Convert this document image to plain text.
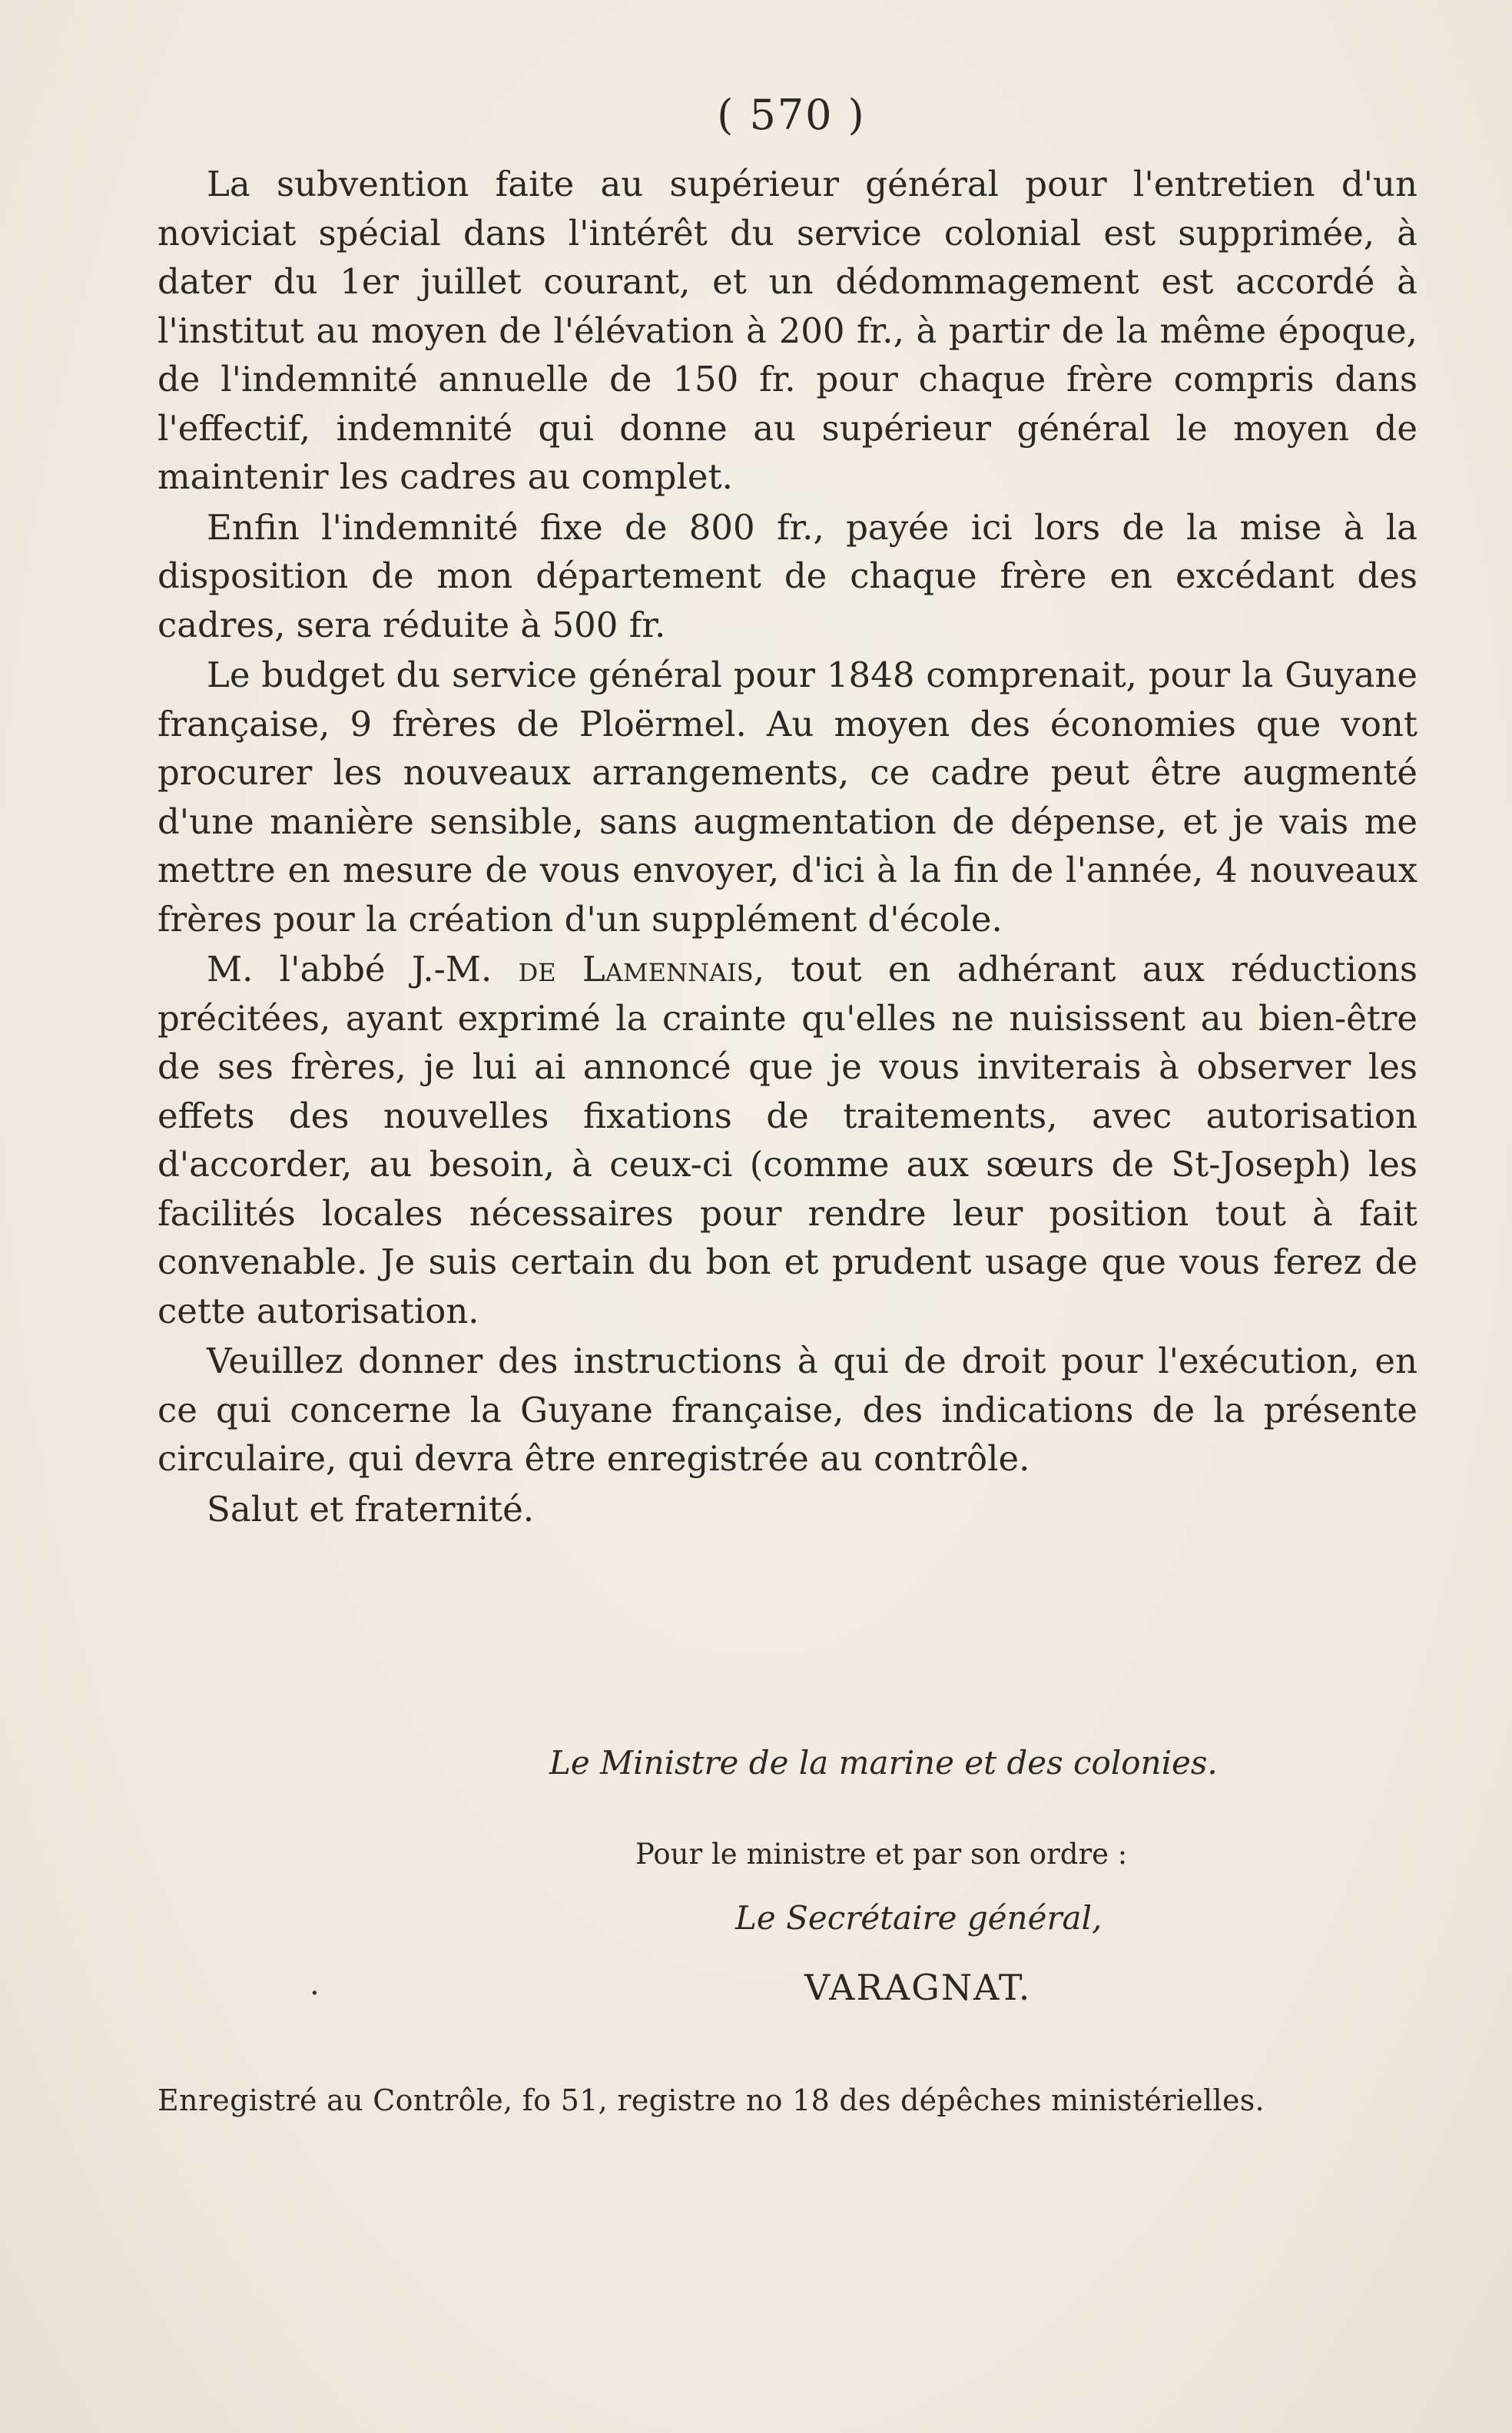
( 570 )

La subvention faite au supérieur général pour l'entretien d'un noviciat spécial dans l'intérêt du service colonial est supprimée, à dater du 1er juillet courant, et un dédommagement est accordé à l'institut au moyen de l'élévation à 200 fr., à partir de la même époque, de l'indemnité annuelle de 150 fr. pour chaque frère compris dans l'effectif, indemnité qui donne au supérieur général le moyen de maintenir les cadres au complet.

Enfin l'indemnité fixe de 800 fr., payée ici lors de la mise à la disposition de mon département de chaque frère en excédant des cadres, sera réduite à 500 fr.

Le budget du service général pour 1848 comprenait, pour la Guyane française, 9 frères de Ploërmel. Au moyen des économies que vont procurer les nouveaux arrangements, ce cadre peut être augmenté d'une manière sensible, sans augmentation de dépense, et je vais me mettre en mesure de vous envoyer, d'ici à la fin de l'année, 4 nouveaux frères pour la création d'un supplément d'école.

M. l'abbé J.-M. de Lamennais, tout en adhérant aux réductions précitées, ayant exprimé la crainte qu'elles ne nuisissent au bien-être de ses frères, je lui ai annoncé que je vous inviterais à observer les effets des nouvelles fixations de traitements, avec autorisation d'accorder, au besoin, à ceux-ci (comme aux sœurs de St-Joseph) les facilités locales nécessaires pour rendre leur position tout à fait convenable. Je suis certain du bon et prudent usage que vous ferez de cette autorisation.

Veuillez donner des instructions à qui de droit pour l'exécution, en ce qui concerne la Guyane française, des indications de la présente circulaire, qui devra être enregistrée au contrôle.

Salut et fraternité.

Le Ministre de la marine et des colonies.
Pour le ministre et par son ordre :
Le Secrétaire général,
.	VARAGNAT.
Enregistré au Contrôle, fo 51, registre no 18 des dépêches ministérielles.
